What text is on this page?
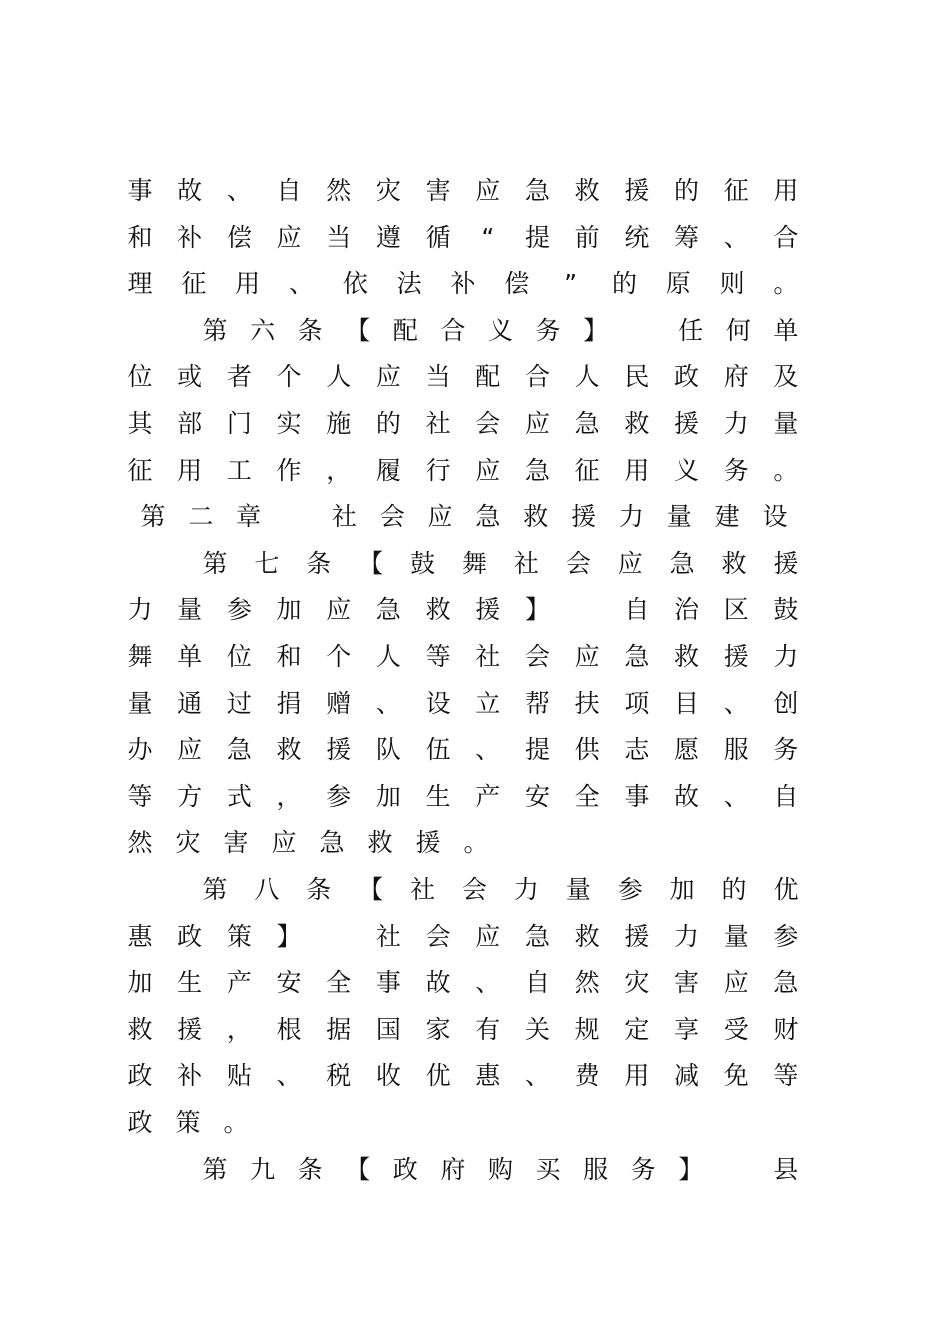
事 故 、 自 然 灾 害 应 急 救 援 的 征 用
和 补 偿 应 当 遵 循 “ 提 前 统 筹 、 合
理 征 用 、 依 法 补 偿 ” 的 原 则 。
第 六 条 【 配 合 义 务 】	任 何 单
位 或 者 个 人 应 当 配 合 人 民 政 府 及
其 部 门 实 施 的 社 会 应 急 救 援 力 量
征 用 工 作 ， 履 行 应 急 征 用 义 务 。
第 二 章	社 会 应 急 救 援 力 量 建 设
第 七 条 【 鼓 舞 社 会 应 急 救 援
力 量 参 加 应 急 救 援 】	自 治 区 鼓
舞 单 位 和 个 人 等 社 会 应 急 救 援 力
量 通 过 捐 赠 、 设 立 帮 扶 项 目 、 创
办 应 急 救 援 队 伍 、 提 供 志 愿 服 务
等 方 式 ， 参 加 生 产 安 全 事 故 、 自
然 灾 害 应 急 救 援 。
第 八 条 【 社 会 力 量 参 加 的 优
惠 政 策 】	社 会 应 急 救 援 力 量 参
加 生 产 安 全 事 故 、 自 然 灾 害 应 急
救 援 ， 根 据 国 家 有 关 规 定 享 受 财
政 补 贴 、 税 收 优 惠 、 费 用 减 免 等
政 策 。
第 九 条 【 政 府 购 买 服 务 】	县
